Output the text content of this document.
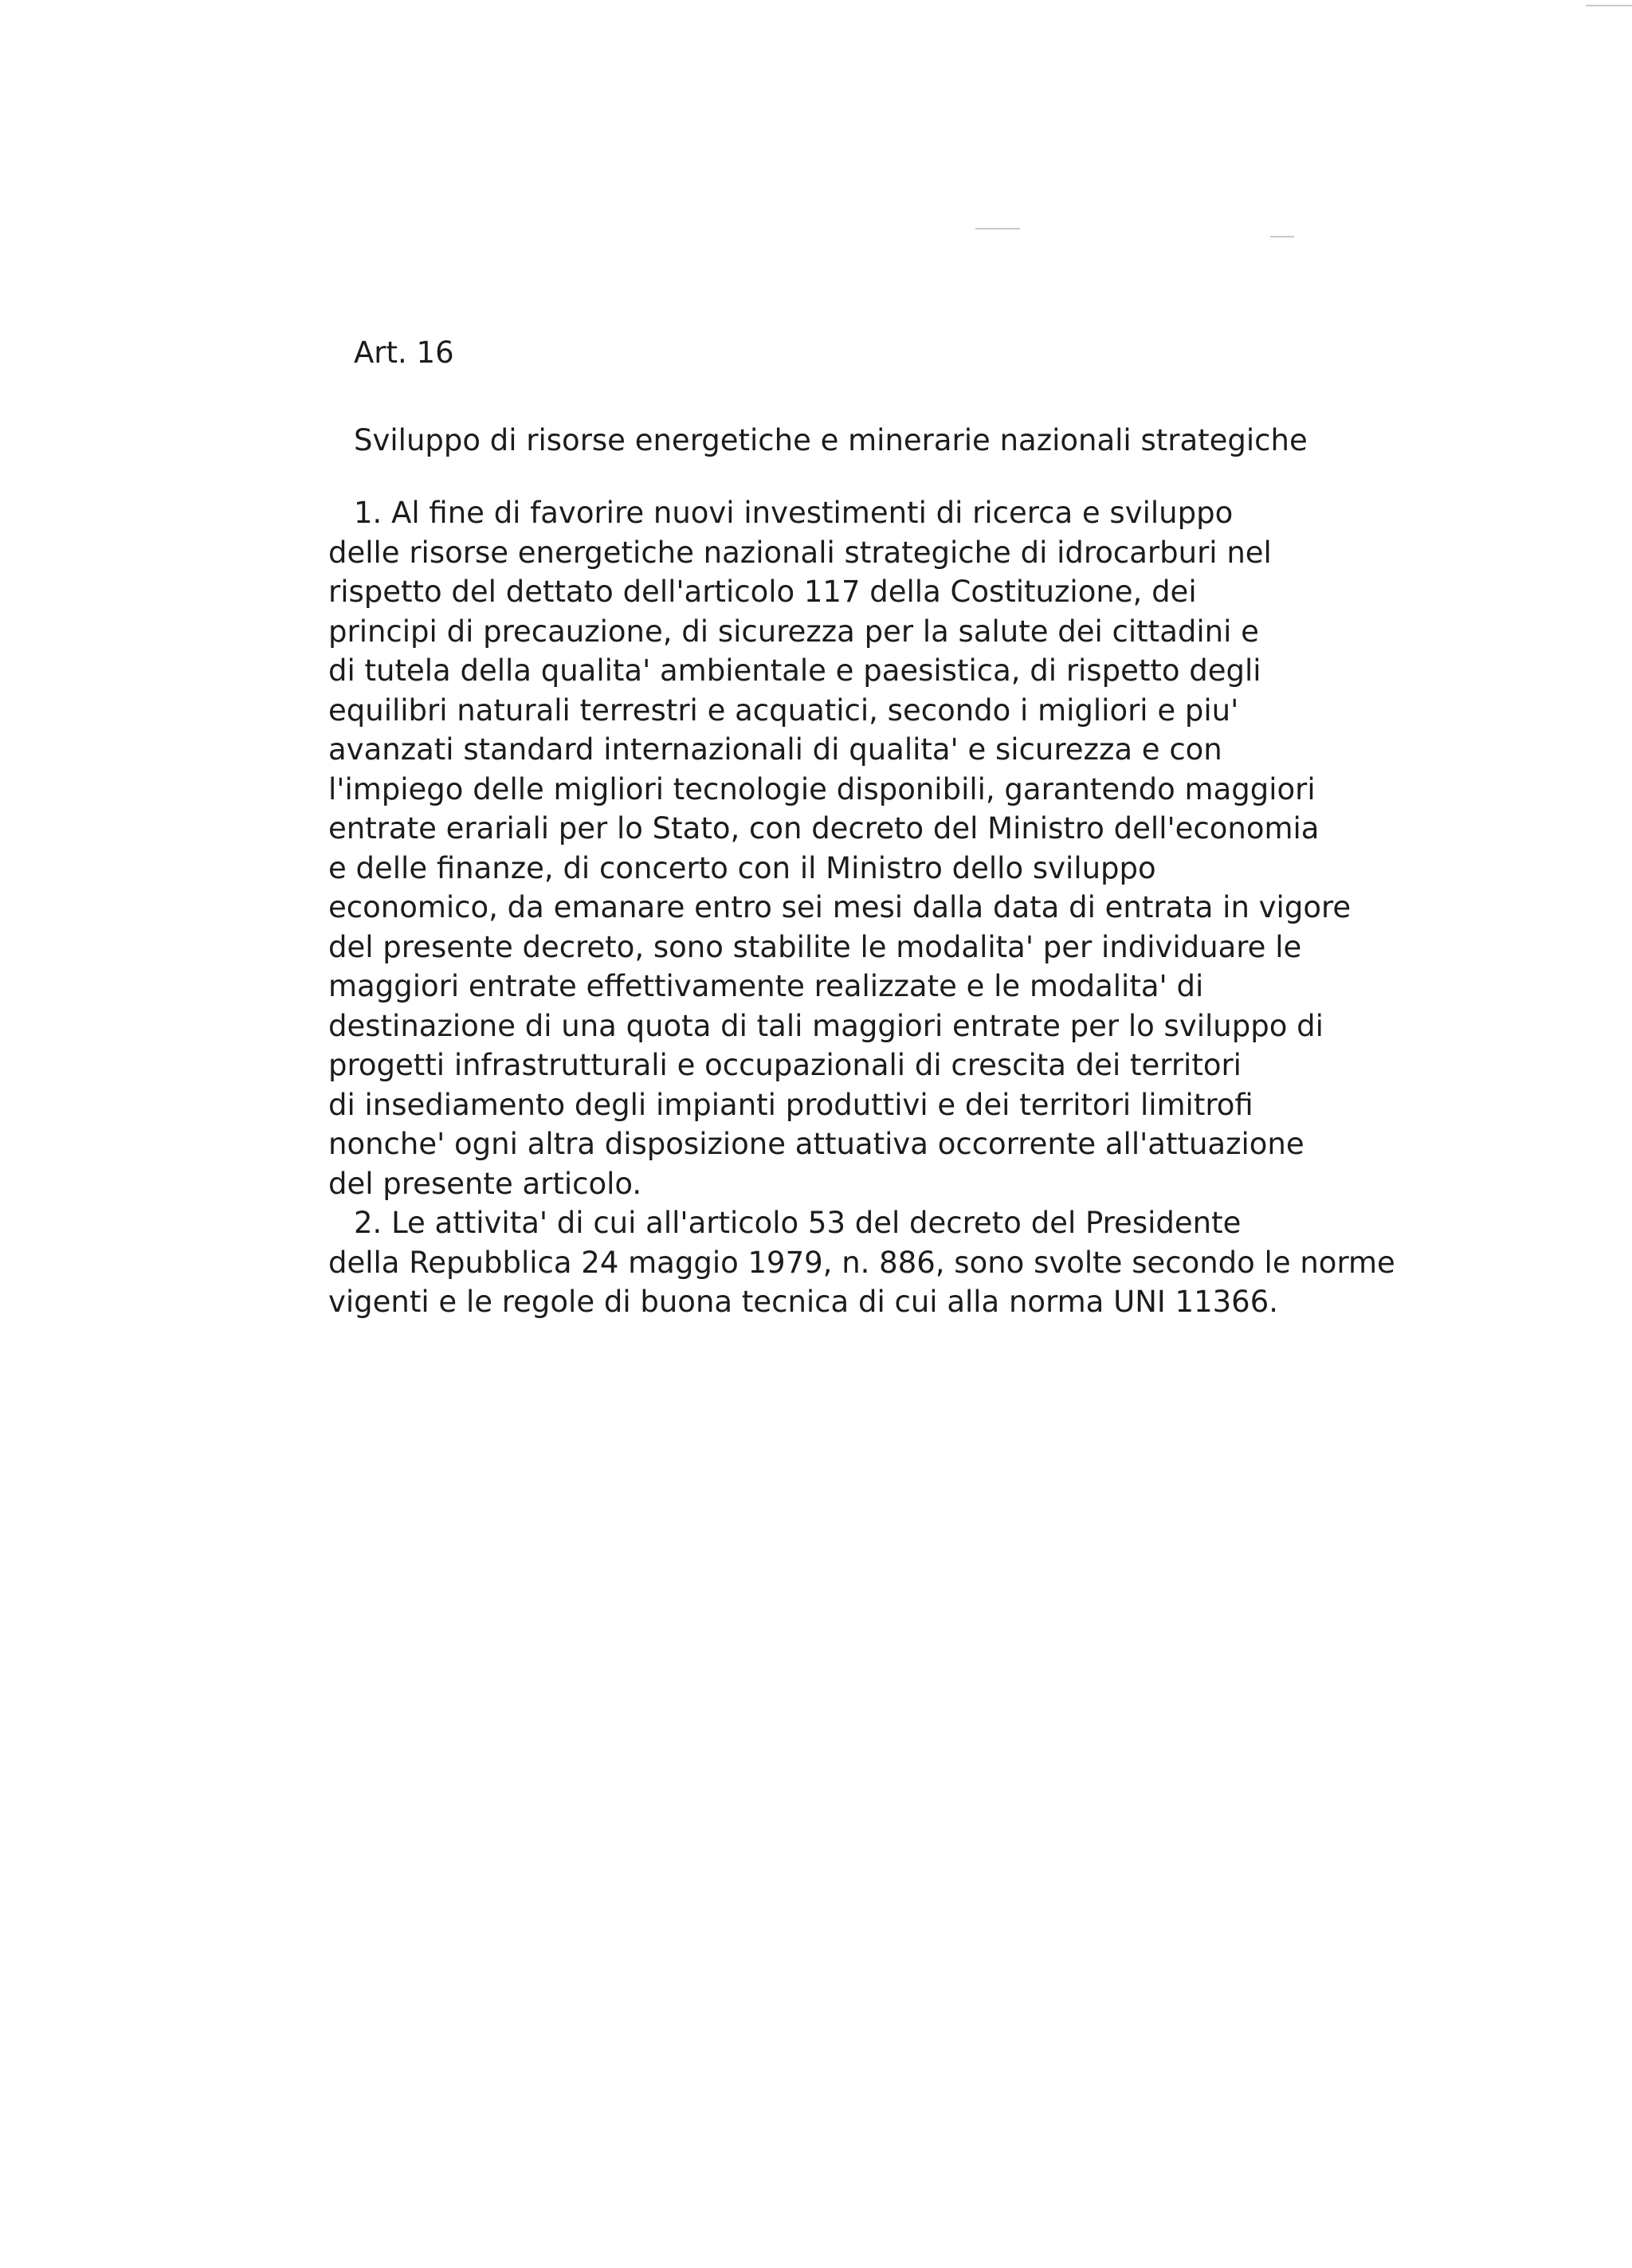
Art. 16

Sviluppo di risorse energetiche e minerarie nazionali strategiche

1. Al fine di favorire nuovi investimenti di ricerca e sviluppo
delle risorse energetiche nazionali strategiche di idrocarburi nel
rispetto del dettato dell'articolo 117 della Costituzione, dei
principi di precauzione, di sicurezza per la salute dei cittadini e
di tutela della qualita' ambientale e paesistica, di rispetto degli
equilibri naturali terrestri e acquatici, secondo i migliori e piu'
avanzati standard internazionali di qualita' e sicurezza e con
l'impiego delle migliori tecnologie disponibili, garantendo maggiori
entrate erariali per lo Stato, con decreto del Ministro dell'economia
e delle finanze, di concerto con il Ministro dello sviluppo
economico, da emanare entro sei mesi dalla data di entrata in vigore
del presente decreto, sono stabilite le modalita' per individuare le
maggiori entrate effettivamente realizzate e le modalita' di
destinazione di una quota di tali maggiori entrate per lo sviluppo di
progetti infrastrutturali e occupazionali di crescita dei territori
di insediamento degli impianti produttivi e dei territori limitrofi
nonche' ogni altra disposizione attuativa occorrente all'attuazione
del presente articolo.
2. Le attivita' di cui all'articolo 53 del decreto del Presidente
della Repubblica 24 maggio 1979, n. 886, sono svolte secondo le norme
vigenti e le regole di buona tecnica di cui alla norma UNI 11366.
